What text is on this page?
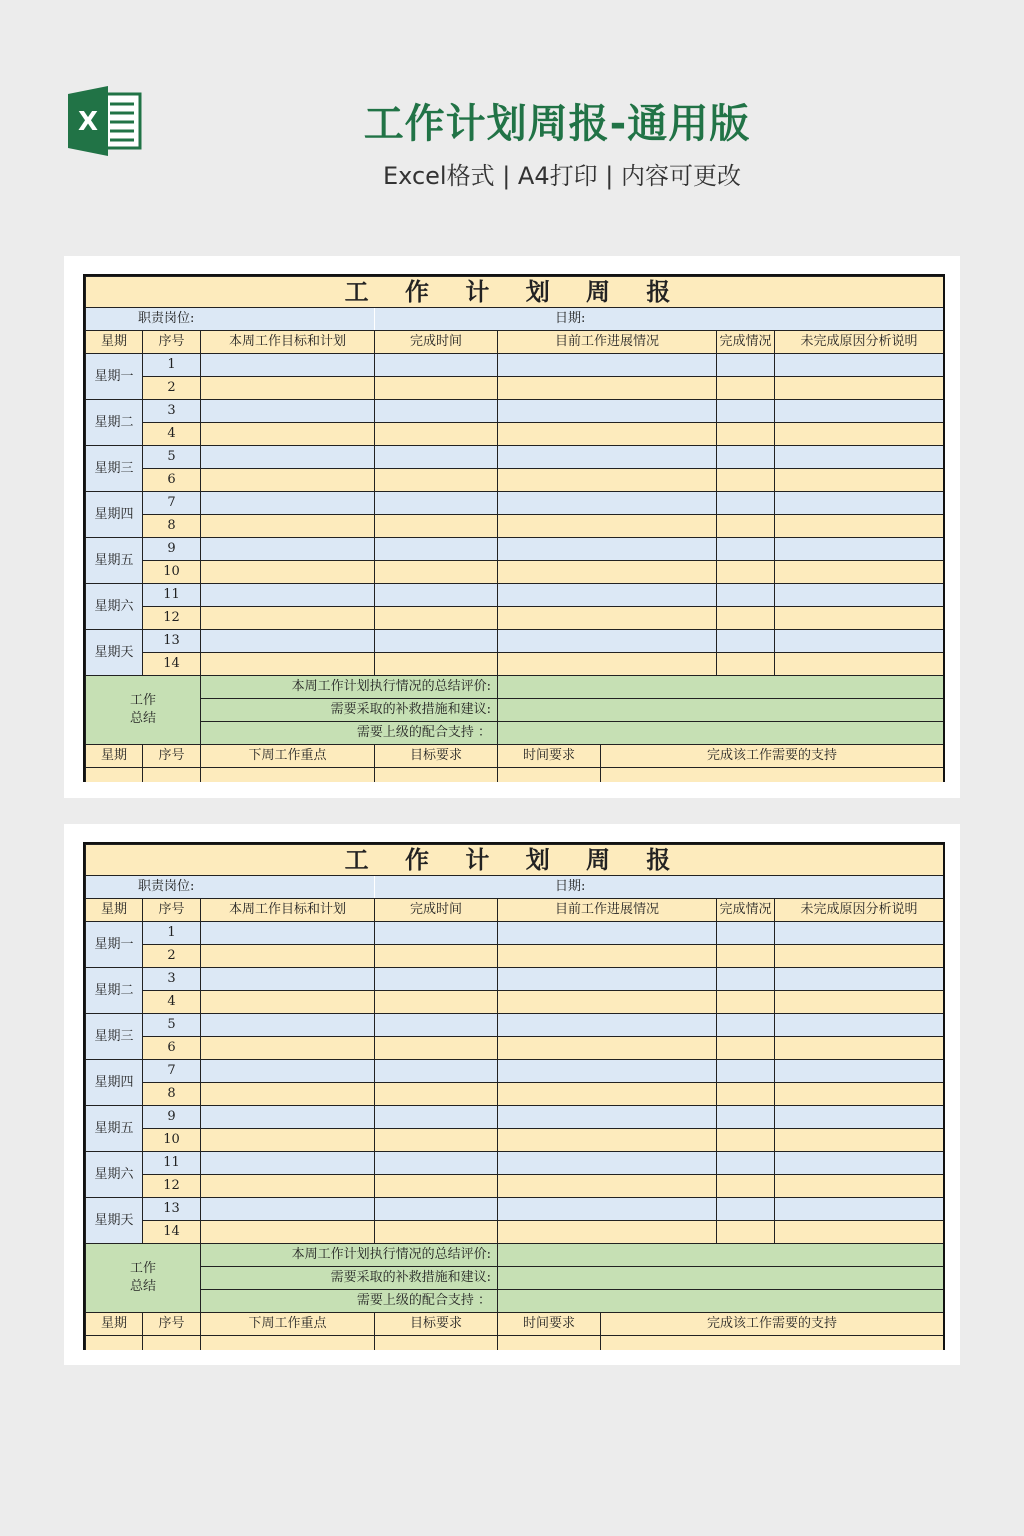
X	工作计划周报-通用版
Excel格式 | A4打印 | 内容可更改
工 作 计 划 周 报							
职责岗位:			日期:				
星期	序号	本周工作目标和计划	完成时间	目前工作进展情况		完成情况	未完成原因分析说明
星期一	1						
	2						
星期二	3						
	4						
星期三	5						
	6						
星期四	7						
	8						
星期五	9						
	10						
星期六	11						
	12						
星期天	13						
	14						
工作
总结		本周工作计划执行情况的总结评价:					
		需要采取的补救措施和建议:					
		需要上级的配合支持 ：					
星期	序号	下周工作重点	目标要求	时间要求	完成该工作需要的支持		

工 作 计 划 周 报							
职责岗位:			日期:				
星期	序号	本周工作目标和计划	完成时间	目前工作进展情况		完成情况	未完成原因分析说明
星期一	1						
	2						
星期二	3						
	4						
星期三	5						
	6						
星期四	7						
	8						
星期五	9						
	10						
星期六	11						
	12						
星期天	13						
	14						
工作
总结		本周工作计划执行情况的总结评价:					
		需要采取的补救措施和建议:					
		需要上级的配合支持 ：					
星期	序号	下周工作重点	目标要求	时间要求	完成该工作需要的支持		
